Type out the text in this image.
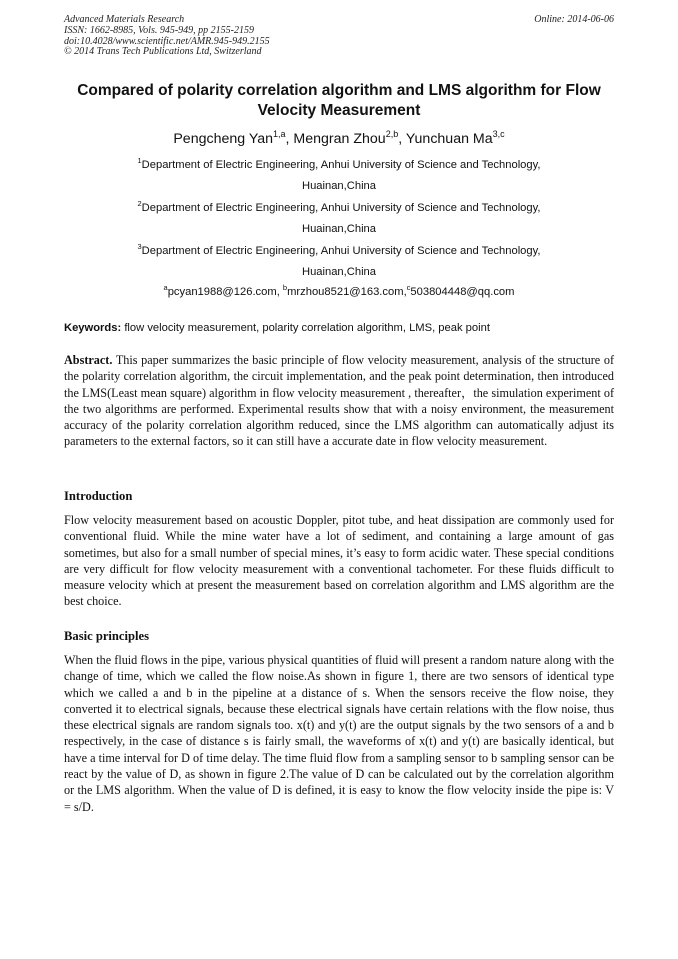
Advanced Materials Research
ISSN: 1662-8985, Vols. 945-949, pp 2155-2159
doi:10.4028/www.scientific.net/AMR.945-949.2155
© 2014 Trans Tech Publications Ltd, Switzerland
Online: 2014-06-06
Compared of polarity correlation algorithm and LMS algorithm for Flow Velocity Measurement
Pengcheng Yan$^{1,a}$, Mengran Zhou$^{2,b}$, Yunchuan Ma$^{3,c}$
$^1$Department of Electric Engineering, Anhui University of Science and Technology,
Huainan,China
$^2$Department of Electric Engineering, Anhui University of Science and Technology,
Huainan,China
$^3$Department of Electric Engineering, Anhui University of Science and Technology,
Huainan,China
$^a$pcyan1988@126.com, $^b$mrzhou8521@163.com,$^c$503804448@qq.com
Keywords: flow velocity measurement, polarity correlation algorithm, LMS, peak point
Abstract. This paper summarizes the basic principle of flow velocity measurement, analysis of the structure of the polarity correlation algorithm, the circuit implementation, and the peak point determination, then introduced the LMS(Least mean square) algorithm in flow velocity measurement , thereafter，the simulation experiment of the two algorithms are performed. Experimental results show that with a noisy environment, the measurement accuracy of the polarity correlation algorithm reduced, since the LMS algorithm can automatically adjust its parameters to the external factors, so it can still have a accurate date in flow velocity measurement.
Introduction
Flow velocity measurement based on acoustic Doppler, pitot tube, and heat dissipation are commonly used for conventional fluid. While the mine water have a lot of sediment, and containing a large amount of gas sometimes, but also for a small number of special mines, it’s easy to form acidic water. These special conditions are very difficult for flow velocity measurement with a conventional tachometer. For these fluids difficult to measure velocity which at present the measurement based on correlation algorithm and LMS algorithm are the best choice.
Basic principles
When the fluid flows in the pipe, various physical quantities of fluid will present a random nature along with the change of time, which we called the flow noise.As shown in figure 1, there are two sensors of identical type which we called a and b in the pipeline at a distance of s. When the sensors receive the flow noise, they converted it to electrical signals, because these electrical signals have certain relations with the flow noise, thus these electrical signals are random signals too. x(t) and y(t) are the output signals by the two sensors of a and b respectively, in the case of distance s is fairly small, the waveforms of x(t) and y(t) are basically identical, but have a time interval for D of time delay. The time fluid flow from a sampling sensor to b sampling sensor can be react by the value of D, as shown in figure 2.The value of D can be calculated out by the correlation algorithm or the LMS algorithm. When the value of D is defined, it is easy to know the flow velocity inside the pipe is: V = s/D.
